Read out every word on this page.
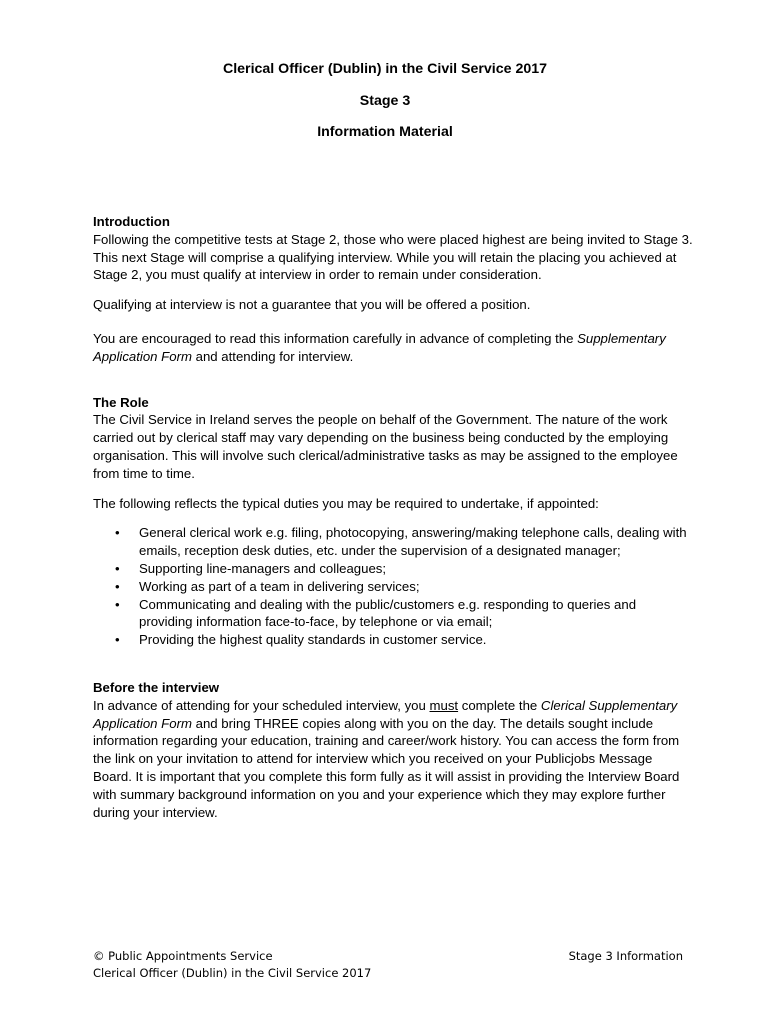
Clerical Officer (Dublin) in the Civil Service 2017

Stage 3

Information Material

Introduction

Following the competitive tests at Stage 2, those who were placed highest are being invited to Stage 3. This next Stage will comprise a qualifying interview. While you will retain the placing you achieved at Stage 2, you must qualify at interview in order to remain under consideration.

Qualifying at interview is not a guarantee that you will be offered a position.

You are encouraged to read this information carefully in advance of completing the Supplementary Application Form and attending for interview.

The Role

The Civil Service in Ireland serves the people on behalf of the Government. The nature of the work carried out by clerical staff may vary depending on the business being conducted by the employing organisation. This will involve such clerical/administrative tasks as may be assigned to the employee from time to time.

The following reflects the typical duties you may be required to undertake, if appointed:

• General clerical work e.g. filing, photocopying, answering/making telephone calls, dealing with emails, reception desk duties, etc. under the supervision of a designated manager;
• Supporting line-managers and colleagues;
• Working as part of a team in delivering services;
• Communicating and dealing with the public/customers e.g. responding to queries and providing information face-to-face, by telephone or via email;
• Providing the highest quality standards in customer service.

Before the interview

In advance of attending for your scheduled interview, you must complete the Clerical Supplementary Application Form and bring THREE copies along with you on the day. The details sought include information regarding your education, training and career/work history. You can access the form from the link on your invitation to attend for interview which you received on your Publicjobs Message Board. It is important that you complete this form fully as it will assist in providing the Interview Board with summary background information on you and your experience which they may explore further during your interview.

© Public Appointments Service
Clerical Officer (Dublin) in the Civil Service 2017
Stage 3 Information
